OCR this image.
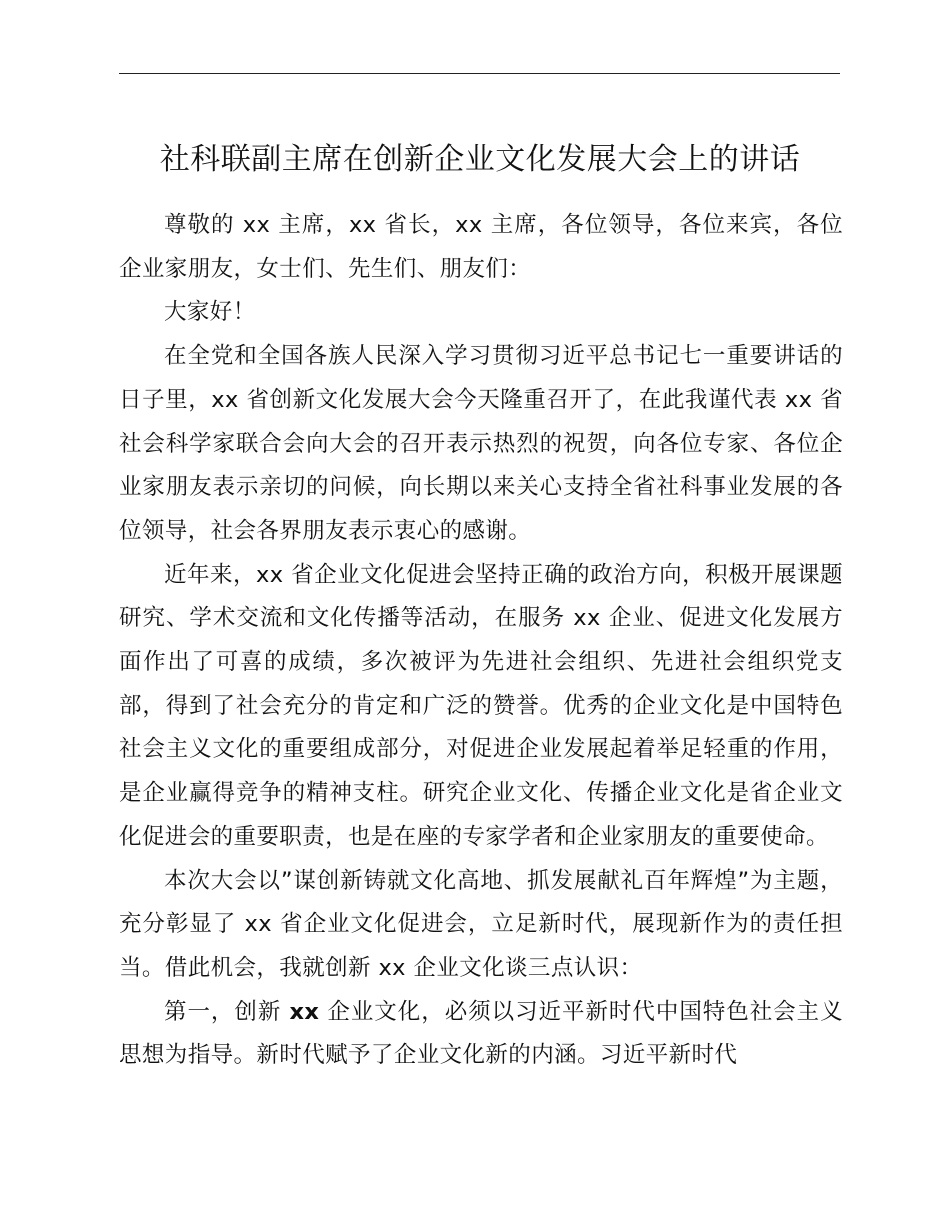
社科联副主席在创新企业文化发展大会上的讲话

尊敬的 xx 主席，xx 省长，xx 主席，各位领导，各位来宾，各位企业家朋友，女士们、先生们、朋友们：

大家好！

在全党和全国各族人民深入学习贯彻习近平总书记七一重要讲话的日子里，xx 省创新文化发展大会今天隆重召开了，在此我谨代表 xx 省社会科学家联合会向大会的召开表示热烈的祝贺，向各位专家、各位企业家朋友表示亲切的问候，向长期以来关心支持全省社科事业发展的各位领导，社会各界朋友表示衷心的感谢。

近年来，xx 省企业文化促进会坚持正确的政治方向，积极开展课题研究、学术交流和文化传播等活动，在服务 xx 企业、促进文化发展方面作出了可喜的成绩，多次被评为先进社会组织、先进社会组织党支部，得到了社会充分的肯定和广泛的赞誉。优秀的企业文化是中国特色社会主义文化的重要组成部分，对促进企业发展起着举足轻重的作用，是企业赢得竞争的精神支柱。研究企业文化、传播企业文化是省企业文化促进会的重要职责，也是在座的专家学者和企业家朋友的重要使命。

本次大会以”谋创新铸就文化高地、抓发展献礼百年辉煌”为主题，充分彰显了 xx 省企业文化促进会，立足新时代，展现新作为的责任担当。借此机会，我就创新 xx 企业文化谈三点认识：

第一，创新 xx 企业文化，必须以习近平新时代中国特色社会主义思想为指导。新时代赋予了企业文化新的内涵。习近平新时代
